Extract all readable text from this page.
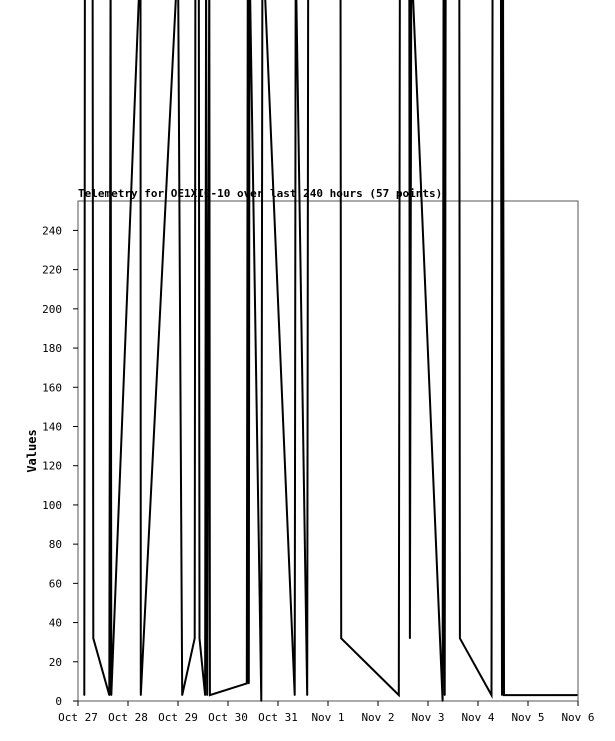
0
20
40
60
80
100
120
140
160
180
200
220
240
Oct 27 Oct 28 Oct 29 Oct 30 Oct 31 Nov 1 Nov 2 Nov 3 Nov 4 Nov 5 Nov 6
Values
Telemetry for OE1XIG-10 over last 240 hours (57 points)
